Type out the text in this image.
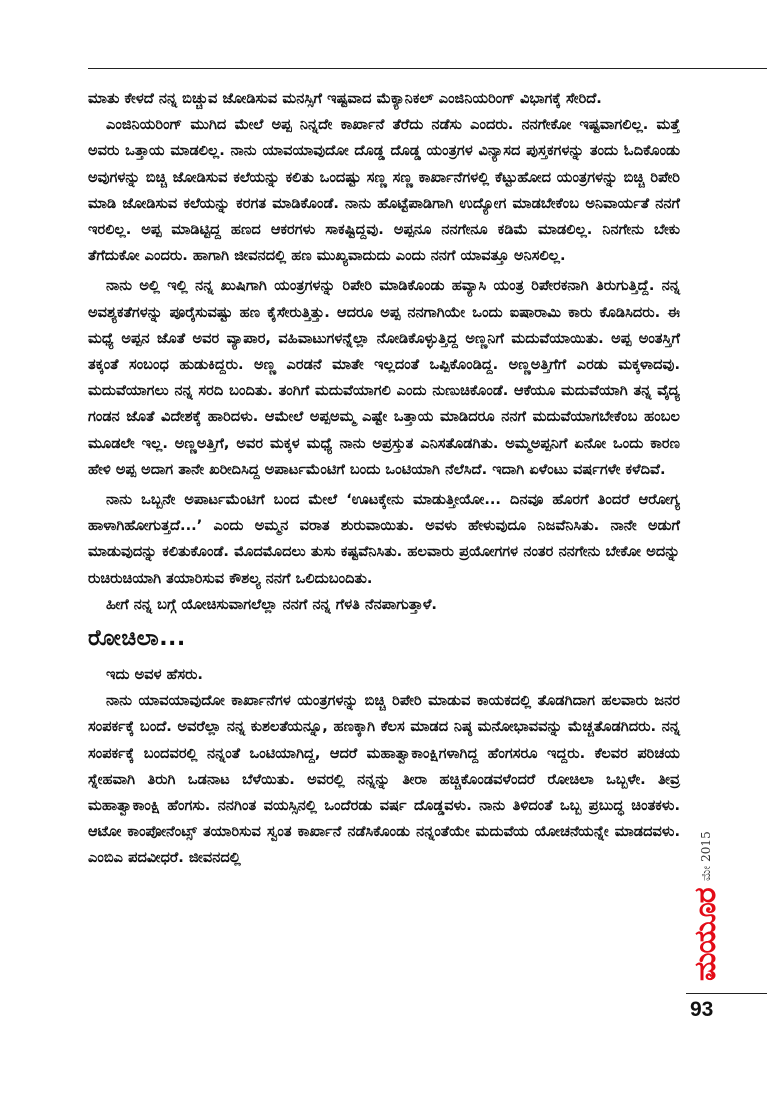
ಮಾತು ಕೇಳದೆ ನನ್ನ ಬಿಚ್ಚುವ ಜೋಡಿಸುವ ಮನಸ್ಸಿಗೆ ಇಷ್ಟವಾದ ಮೆಕ್ಯಾನಿಕಲ್ ಎಂಜಿನಿಯರಿಂಗ್ ವಿಭಾಗಕ್ಕೆ ಸೇರಿದೆ.

ಎಂಜಿನಿಯರಿಂಗ್ ಮುಗಿದ ಮೇಲೆ ಅಪ್ಪ ನಿನ್ನದೇ ಕಾರ್ಖಾನೆ ತೆರೆದು ನಡೆಸು ಎಂದರು. ನನಗೇಕೋ ಇಷ್ಟವಾಗಲಿಲ್ಲ. ಮತ್ತೆ ಅವರು ಒತ್ತಾಯ ಮಾಡಲಿಲ್ಲ. ನಾನು ಯಾವಯಾವುದೋ ದೊಡ್ಡ ದೊಡ್ಡ ಯಂತ್ರಗಳ ವಿನ್ಯಾಸದ ಪುಸ್ತಕಗಳನ್ನು ತಂದು ಓದಿಕೊಂಡು ಅವುಗಳನ್ನು ಬಿಚ್ಚಿ ಜೋಡಿಸುವ ಕಲೆಯನ್ನು ಕಲಿತು ಒಂದಷ್ಟು ಸಣ್ಣ ಸಣ್ಣ ಕಾರ್ಖಾನೆಗಳಲ್ಲಿ ಕೆಟ್ಟುಹೋದ ಯಂತ್ರಗಳನ್ನು ಬಿಚ್ಚಿ ರಿಪೇರಿ ಮಾಡಿ ಜೋಡಿಸುವ ಕಲೆಯನ್ನು ಕರಗತ ಮಾಡಿಕೊಂಡೆ. ನಾನು ಹೊಟ್ಟೆಪಾಡಿಗಾಗಿ ಉದ್ಯೋಗ ಮಾಡಬೇಕೆಂಬ ಅನಿವಾರ್ಯತೆ ನನಗೆ ಇರಲಿಲ್ಲ. ಅಪ್ಪ ಮಾಡಿಟ್ಟಿದ್ದ ಹಣದ ಆಕರಗಳು ಸಾಕಷ್ಟಿದ್ದವು. ಅಪ್ಪನೂ ನನಗೇನೂ ಕಡಿಮೆ ಮಾಡಲಿಲ್ಲ. ನಿನಗೇನು ಬೇಕು ತೆಗೆದುಕೋ ಎಂದರು. ಹಾಗಾಗಿ ಜೀವನದಲ್ಲಿ ಹಣ ಮುಖ್ಯವಾದುದು ಎಂದು ನನಗೆ ಯಾವತ್ತೂ ಅನಿಸಲಿಲ್ಲ.

ನಾನು ಅಲ್ಲಿ ಇಲ್ಲಿ ನನ್ನ ಖುಷಿಗಾಗಿ ಯಂತ್ರಗಳನ್ನು ರಿಪೇರಿ ಮಾಡಿಕೊಂಡು ಹವ್ಯಾಸಿ ಯಂತ್ರ ರಿಪೇರಕನಾಗಿ ತಿರುಗುತ್ತಿದ್ದೆ. ನನ್ನ ಅವಶ್ಯಕತೆಗಳನ್ನು ಪೂರೈಸುವಷ್ಟು ಹಣ ಕೈಸೇರುತ್ತಿತ್ತು. ಆದರೂ ಅಪ್ಪ ನನಗಾಗಿಯೇ ಒಂದು ಐಷಾರಾಮಿ ಕಾರು ಕೊಡಿಸಿದರು. ಈ ಮಧ್ಯೆ ಅಪ್ಪನ ಜೊತೆ ಅವರ ವ್ಯಾಪಾರ, ವಹಿವಾಟುಗಳನ್ನೆಲ್ಲಾ ನೋಡಿಕೊಳ್ಳುತ್ತಿದ್ದ ಅಣ್ಣನಿಗೆ ಮದುವೆಯಾಯಿತು. ಅಪ್ಪ ಅಂತಸ್ತಿಗೆ ತಕ್ಕಂತೆ ಸಂಬಂಧ ಹುಡುಕಿದ್ದರು. ಅಣ್ಣ ಎರಡನೆ ಮಾತೇ ಇಲ್ಲದಂತೆ ಒಪ್ಪಿಕೊಂಡಿದ್ದ. ಅಣ್ಣಅತ್ತಿಗೆಗೆ ಎರಡು ಮಕ್ಕಳಾದವು. ಮದುವೆಯಾಗಲು ನನ್ನ ಸರದಿ ಬಂದಿತು. ತಂಗಿಗೆ ಮದುವೆಯಾಗಲಿ ಎಂದು ನುಣುಚಿಕೊಂಡೆ. ಆಕೆಯೂ ಮದುವೆಯಾಗಿ ತನ್ನ ವೈದ್ಯ ಗಂಡನ ಜೊತೆ ವಿದೇಶಕ್ಕೆ ಹಾರಿದಳು. ಆಮೇಲೆ ಅಪ್ಪಅಮ್ಮ ಎಷ್ಟೇ ಒತ್ತಾಯ ಮಾಡಿದರೂ ನನಗೆ ಮದುವೆಯಾಗಬೇಕೆಂಬ ಹಂಬಲ ಮೂಡಲೇ ಇಲ್ಲ. ಅಣ್ಣಅತ್ತಿಗೆ, ಅವರ ಮಕ್ಕಳ ಮಧ್ಯೆ ನಾನು ಅಪ್ರಸ್ತುತ ಎನಿಸತೊಡಗಿತು. ಅಮ್ಮಅಪ್ಪನಿಗೆ ಏನೋ ಒಂದು ಕಾರಣ ಹೇಳಿ ಅಪ್ಪ ಅದಾಗ ತಾನೇ ಖರೀದಿಸಿದ್ದ ಅಪಾರ್ಟಮೆಂಟಿಗೆ ಬಂದು ಒಂಟಿಯಾಗಿ ನೆಲೆಸಿದೆ. ಇದಾಗಿ ಏಳೆಂಟು ವರ್ಷಗಳೇ ಕಳೆದಿವೆ.

ನಾನು ಒಬ್ಬನೇ ಅಪಾರ್ಟಮೆಂಟಿಗೆ ಬಂದ ಮೇಲೆ ‘ಊಟಕ್ಕೇನು ಮಾಡುತ್ತೀಯೋ... ದಿನವೂ ಹೊರಗೆ ತಿಂದರೆ ಆರೋಗ್ಯ ಹಾಳಾಗಿಹೋಗುತ್ತದೆ...’ ಎಂದು ಅಮ್ಮನ ವರಾತ ಶುರುವಾಯಿತು. ಅವಳು ಹೇಳುವುದೂ ನಿಜವೆನಿಸಿತು. ನಾನೇ ಅಡುಗೆ ಮಾಡುವುದನ್ನು ಕಲಿತುಕೊಂಡೆ. ಮೊದಮೊದಲು ತುಸು ಕಷ್ಟವೆನಿಸಿತು. ಹಲವಾರು ಪ್ರಯೋಗಗಳ ನಂತರ ನನಗೇನು ಬೇಕೋ ಅದನ್ನು ರುಚಿರುಚಿಯಾಗಿ ತಯಾರಿಸುವ ಕೌಶಲ್ಯ ನನಗೆ ಒಲಿದುಬಂದಿತು.

ಹೀಗೆ ನನ್ನ ಬಗ್ಗೆ ಯೋಚಿಸುವಾಗಲೆಲ್ಲಾ ನನಗೆ ನನ್ನ ಗೆಳತಿ ನೆನಪಾಗುತ್ತಾಳೆ.

ರೋಚಿಲಾ...

ಇದು ಅವಳ ಹೆಸರು.

ನಾನು ಯಾವಯಾವುದೋ ಕಾರ್ಖಾನೆಗಳ ಯಂತ್ರಗಳನ್ನು ಬಿಚ್ಚಿ ರಿಪೇರಿ ಮಾಡುವ ಕಾಯಕದಲ್ಲಿ ತೊಡಗಿದಾಗ ಹಲವಾರು ಜನರ ಸಂಪರ್ಕಕ್ಕೆ ಬಂದೆ. ಅವರೆಲ್ಲಾ ನನ್ನ ಕುಶಲತೆಯನ್ನೂ, ಹಣಕ್ಕಾಗಿ ಕೆಲಸ ಮಾಡದ ನಿಷ್ಠ ಮನೋಭಾವವನ್ನು ಮೆಚ್ಚತೊಡಗಿದರು. ನನ್ನ ಸಂಪರ್ಕಕ್ಕೆ ಬಂದವರಲ್ಲಿ ನನ್ನಂತೆ ಒಂಟಿಯಾಗಿದ್ದ, ಆದರೆ ಮಹಾತ್ವಾಕಾಂಕ್ಷಿಗಳಾಗಿದ್ದ ಹೆಂಗಸರೂ ಇದ್ದರು. ಕೆಲವರ ಪರಿಚಯ ಸ್ನೇಹವಾಗಿ ತಿರುಗಿ ಒಡನಾಟ ಬೆಳೆಯಿತು. ಅವರಲ್ಲಿ ನನ್ನನ್ನು ತೀರಾ ಹಚ್ಚಿಕೊಂಡವಳೆಂದರೆ ರೋಚಿಲಾ ಒಬ್ಬಳೇ. ತೀವ್ರ ಮಹಾತ್ವಾಕಾಂಕ್ಷಿ ಹೆಂಗಸು. ನನಗಿಂತ ವಯಸ್ಸಿನಲ್ಲಿ ಒಂದೆರಡು ವರ್ಷ ದೊಡ್ಡವಳು. ನಾನು ತಿಳಿದಂತೆ ಒಬ್ಬ ಪ್ರಬುದ್ಧ ಚಿಂತಕಳು. ಆಟೋ ಕಾಂಪೋನೆಂಟ್ಸ್ ತಯಾರಿಸುವ ಸ್ವಂತ ಕಾರ್ಖಾನೆ ನಡೆಸಿಕೊಂಡು ನನ್ನಂತೆಯೇ ಮದುವೆಯ ಯೋಚನೆಯನ್ನೇ ಮಾಡದವಳು. ಎಂಬಿಎ ಪದವೀಧರೆ. ಜೀವನದಲ್ಲಿ	ಮೇ 2015
ಮಯೂರ
93
